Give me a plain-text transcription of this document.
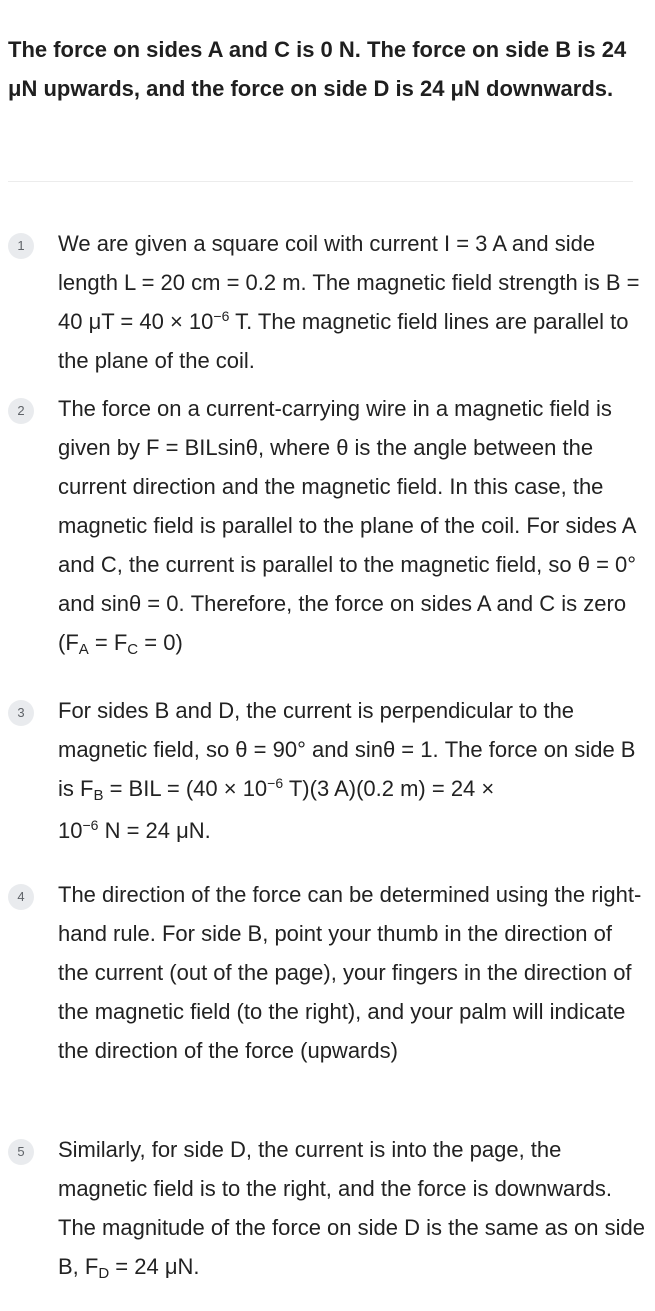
The force on sides A and C is 0 N. The force on side B is 24 μN upwards, and the force on side D is 24 μN downwards.
1	We are given a square coil with current I = 3 A and side length L = 20 cm = 0.2 m. The magnetic field strength is B = 40 $\mu T = 40 \times 10^{-6}$ T. The magnetic field lines are parallel to the plane of the coil.
2	The force on a current-carrying wire in a magnetic field is given by F = BILsinθ, where θ is the angle between the current direction and the magnetic field. In this case, the magnetic field is parallel to the plane of the coil. For sides A and C, the current is parallel to the magnetic field, so θ = 0° and sinθ = 0. Therefore, the force on sides A and C is zero $(F_A = F_C = 0)$
3	For sides B and D, the current is perpendicular to the magnetic field, so θ = 90° and sinθ = 1. The force on side B is $F_B$ = BIL = ($40 \times 10^{-6}$ T)(3 A)(0.2 m) = 24 ×
$10^{-6}$ N = 24 μN.
4	The direction of the force can be determined using the right-hand rule. For side B, point your thumb in the direction of the current (out of the page), your fingers in the direction of the magnetic field (to the right), and your palm will indicate the direction of the force (upwards)
5	Similarly, for side D, the current is into the page, the magnetic field is to the right, and the force is downwards. The magnitude of the force on side D is the same as on side B, $F_D = 24$ μN.
